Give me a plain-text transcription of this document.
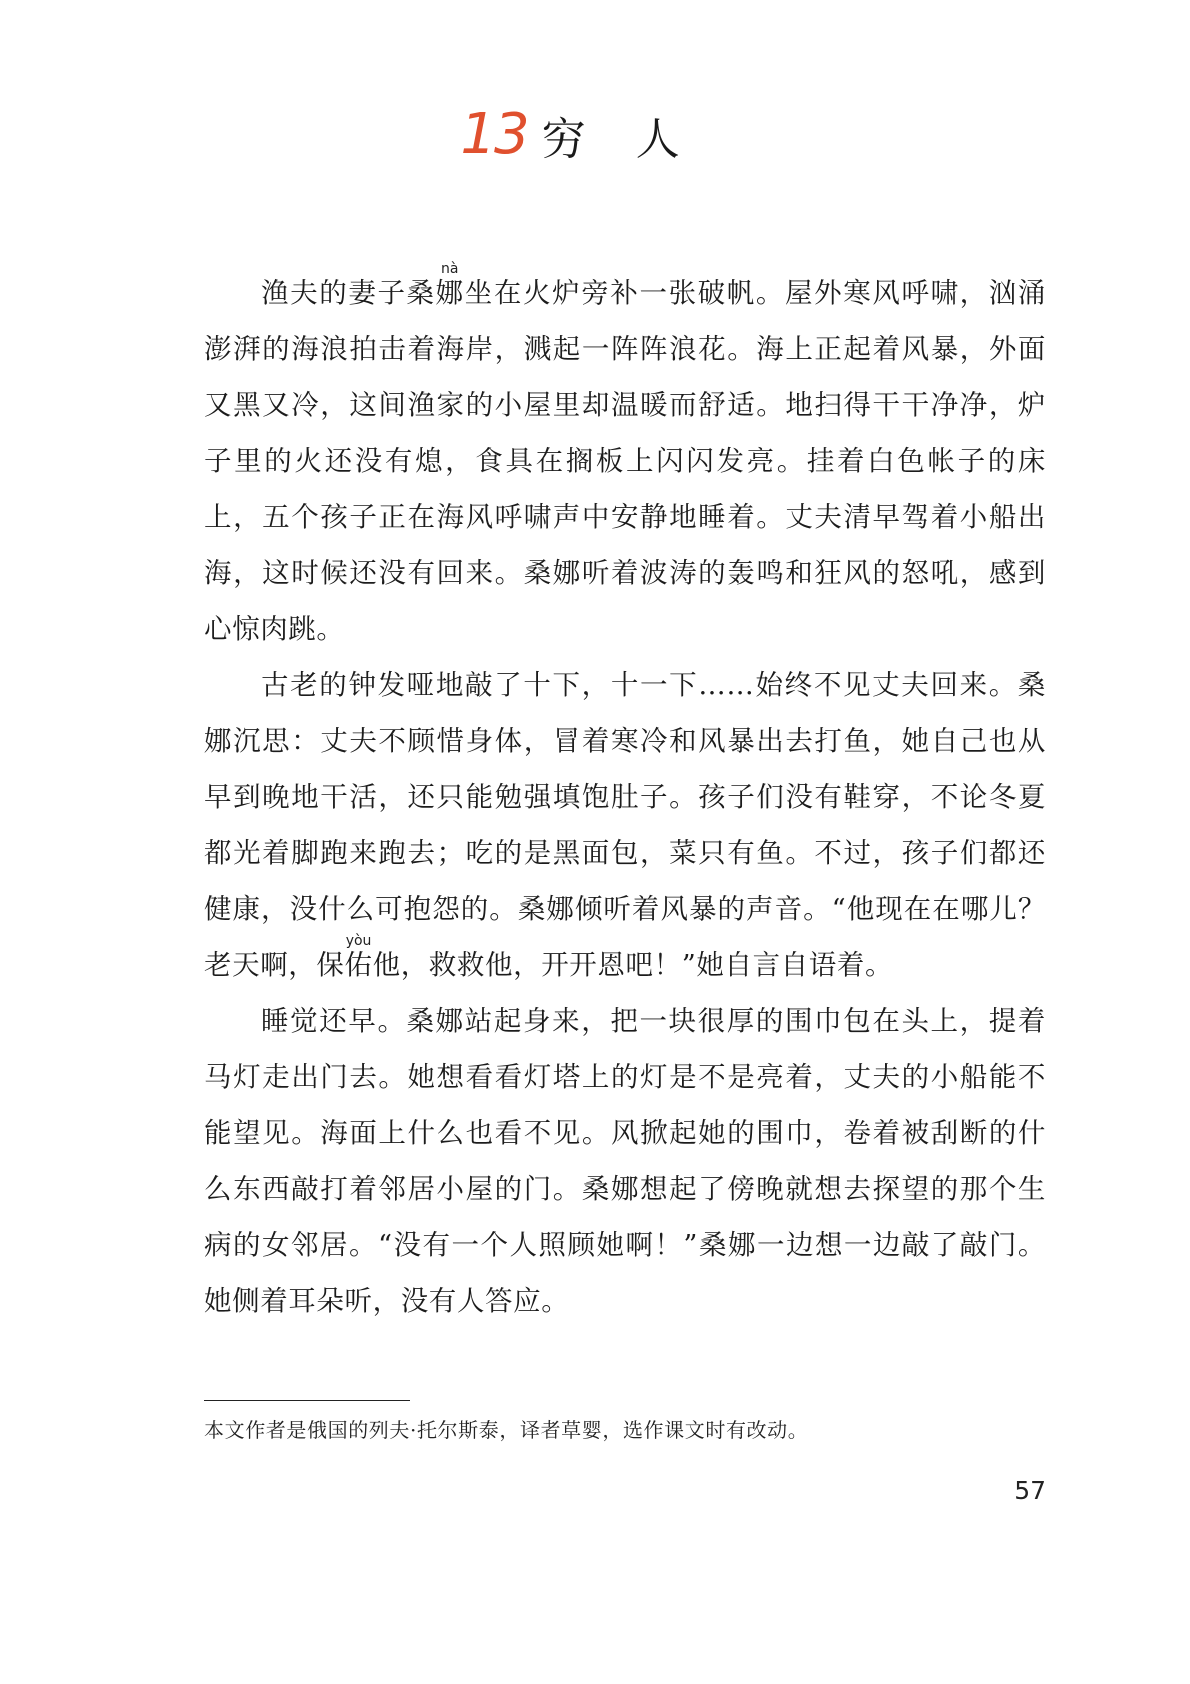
13 穷人

渔夫的妻子桑娜nà坐在火炉旁补一张破帆。屋外寒风呼啸，汹涌澎湃的海浪拍击着海岸，溅起一阵阵浪花。海上正起着风暴，外面又黑又冷，这间渔家的小屋里却温暖而舒适。地扫得干干净净，炉子里的火还没有熄，食具在搁板上闪闪发亮。挂着白色帐子的床上，五个孩子正在海风呼啸声中安静地睡着。丈夫清早驾着小船出海，这时候还没有回来。桑娜听着波涛的轰鸣和狂风的怒吼，感到心惊肉跳。

古老的钟发哑地敲了十下，十一下……始终不见丈夫回来。桑娜沉思：丈夫不顾惜身体，冒着寒冷和风暴出去打鱼，她自己也从早到晚地干活，还只能勉强填饱肚子。孩子们没有鞋穿，不论冬夏都光着脚跑来跑去；吃的是黑面包，菜只有鱼。不过，孩子们都还健康，没什么可抱怨的。桑娜倾听着风暴的声音。“他现在在哪儿？老天啊，保佑yòu他，救救他，开开恩吧！”她自言自语着。

睡觉还早。桑娜站起身来，把一块很厚的围巾包在头上，提着马灯走出门去。她想看看灯塔上的灯是不是亮着，丈夫的小船能不能望见。海面上什么也看不见。风掀起她的围巾，卷着被刮断的什么东西敲打着邻居小屋的门。桑娜想起了傍晚就想去探望的那个生病的女邻居。“没有一个人照顾她啊！”桑娜一边想一边敲了敲门。她侧着耳朵听，没有人答应。

本文作者是俄国的列夫·托尔斯泰，译者草婴，选作课文时有改动。
57
